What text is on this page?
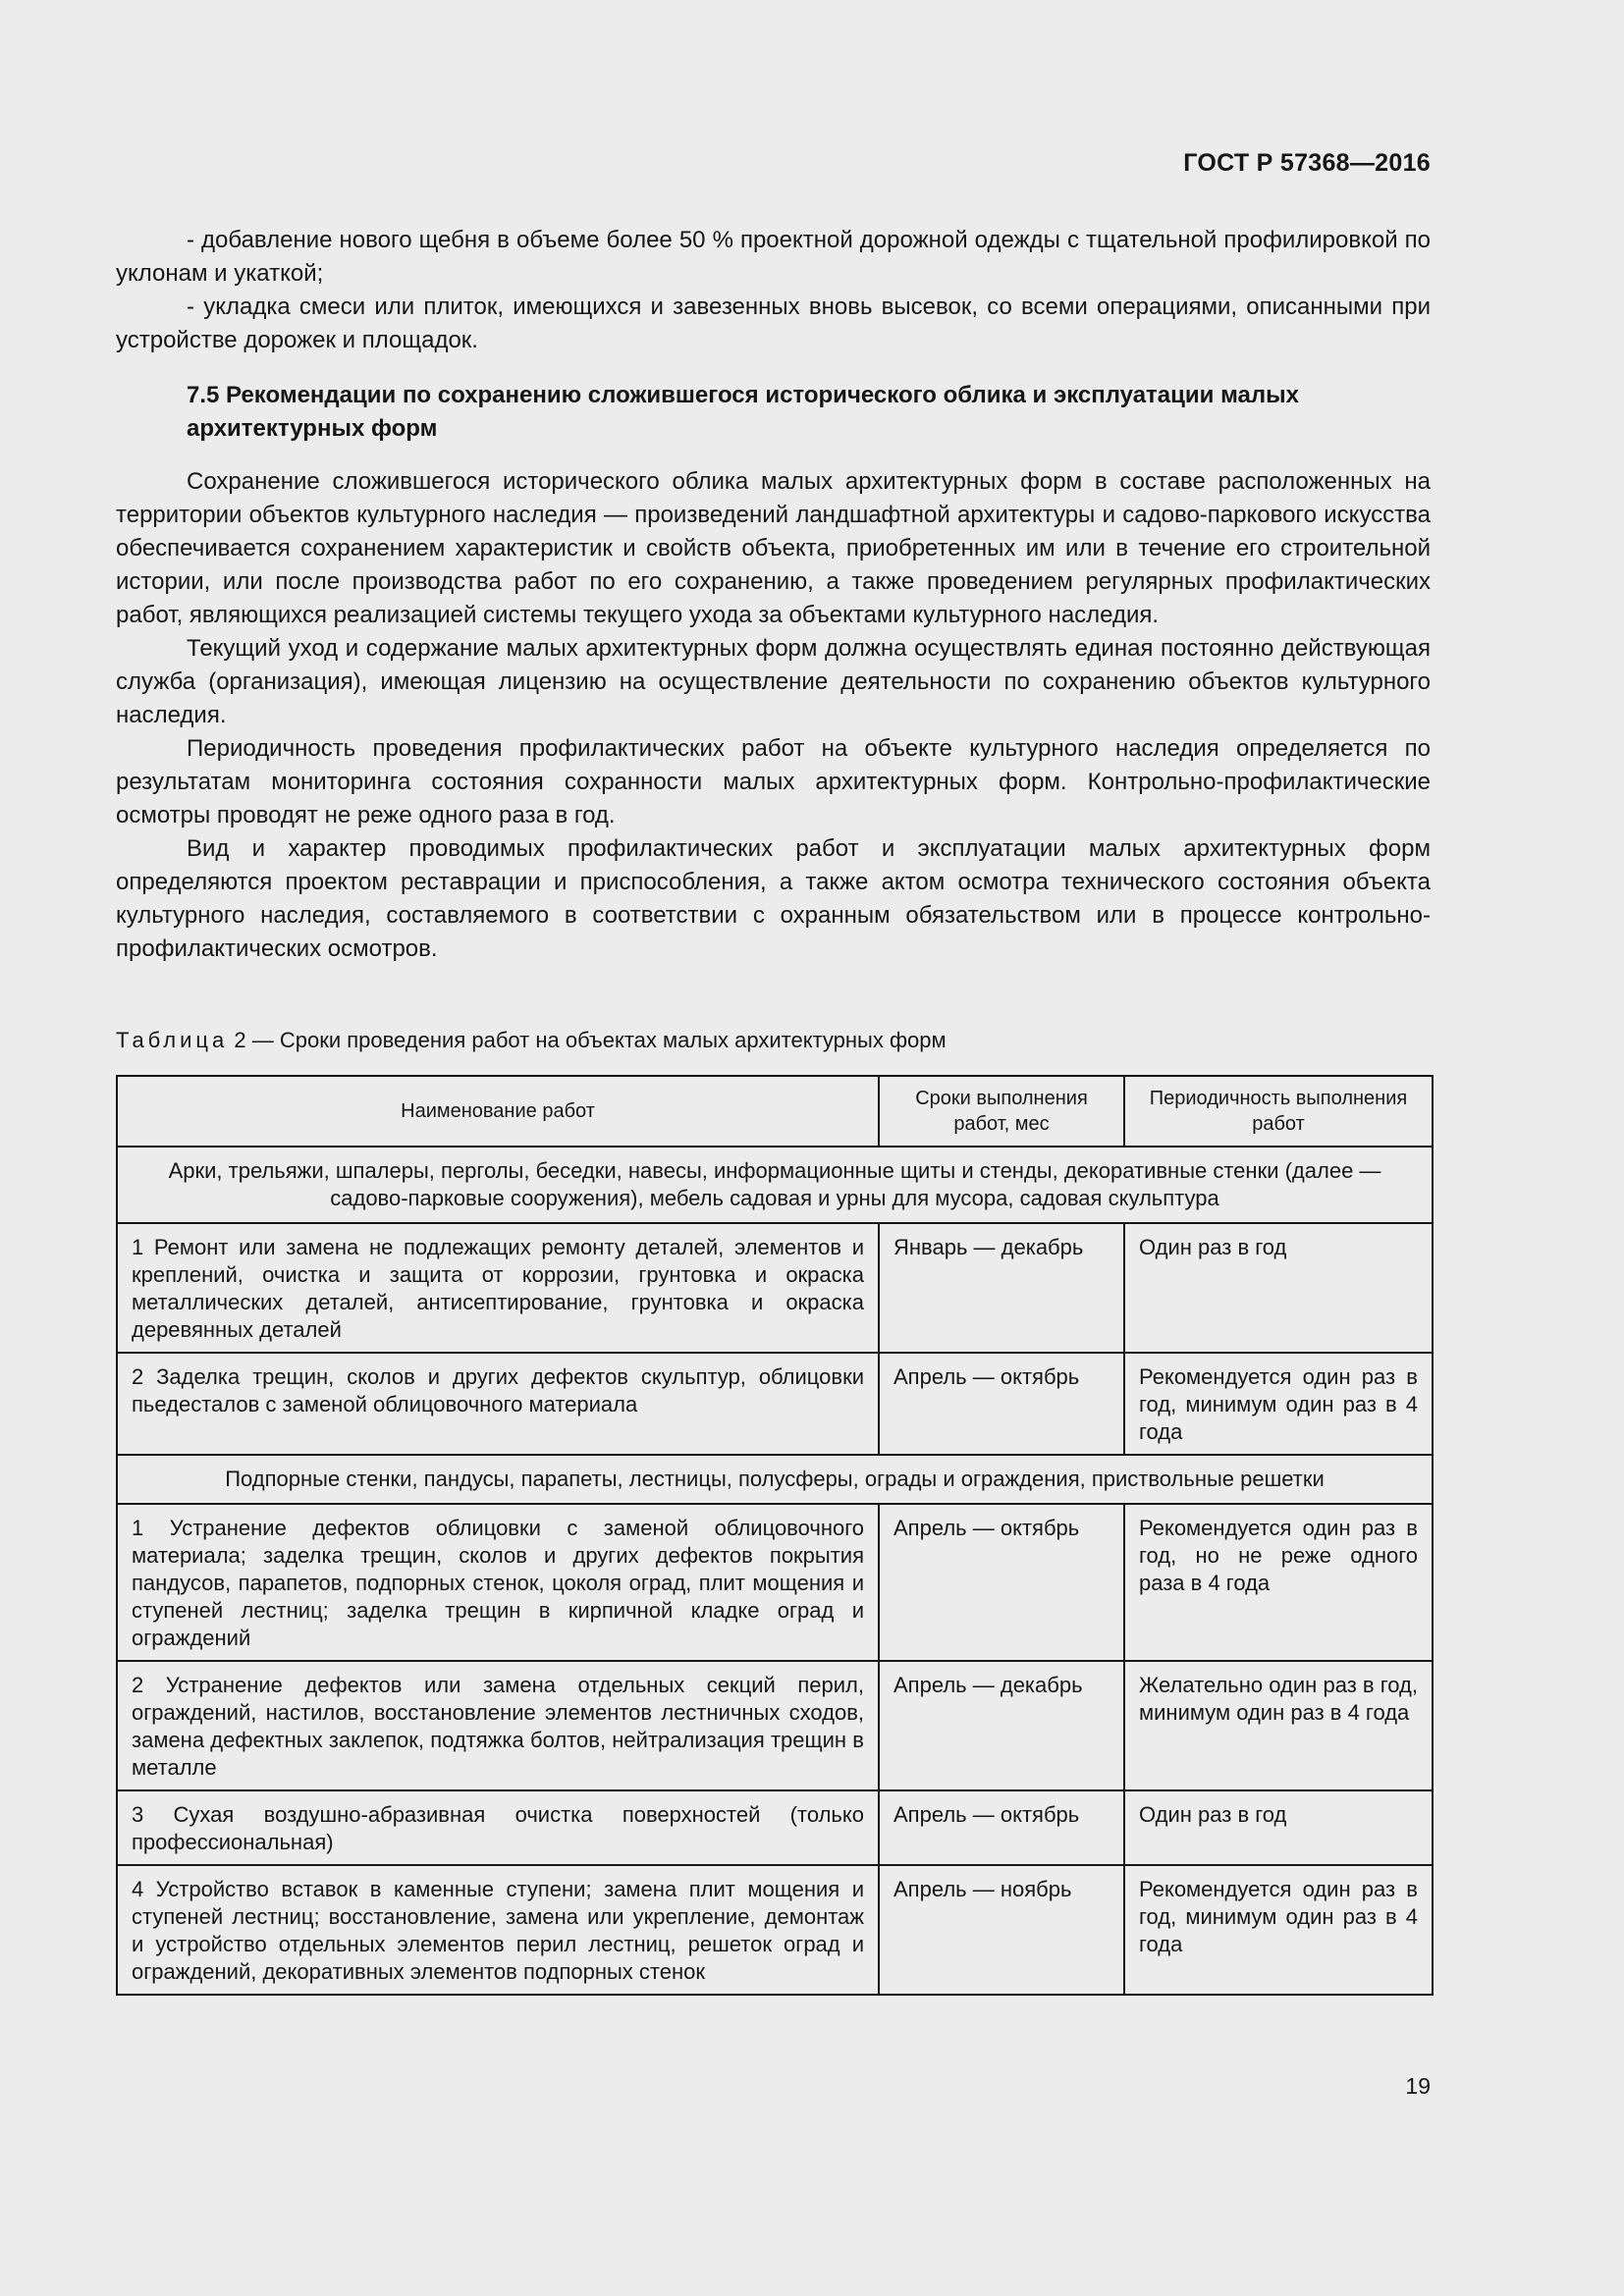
ГОСТ Р 57368—2016

- добавление нового щебня в объеме более 50 % проектной дорожной одежды с тщательной профилировкой по уклонам и укаткой;

- укладка смеси или плиток, имеющихся и завезенных вновь высевок, со всеми операциями, описанными при устройстве дорожек и площадок.

7.5 Рекомендации по сохранению сложившегося исторического облика и эксплуатации малых архитектурных форм

Сохранение сложившегося исторического облика малых архитектурных форм в составе расположенных на территории объектов культурного наследия — произведений ландшафтной архитектуры и садово-паркового искусства обеспечивается сохранением характеристик и свойств объекта, приобретенных им или в течение его строительной истории, или после производства работ по его сохранению, а также проведением регулярных профилактических работ, являющихся реализацией системы текущего ухода за объектами культурного наследия.

Текущий уход и содержание малых архитектурных форм должна осуществлять единая постоянно действующая служба (организация), имеющая лицензию на осуществление деятельности по сохранению объектов культурного наследия.

Периодичность проведения профилактических работ на объекте культурного наследия определяется по результатам мониторинга состояния сохранности малых архитектурных форм. Контрольно-профилактические осмотры проводят не реже одного раза в год.

Вид и характер проводимых профилактических работ и эксплуатации малых архитектурных форм определяются проектом реставрации и приспособления, а также актом осмотра технического состояния объекта культурного наследия, составляемого в соответствии с охранным обязательством или в процессе контрольно-профилактических осмотров.

Таблица 2 — Сроки проведения работ на объектах малых архитектурных форм
Наименование работ	Сроки выполнения работ, мес	Периодичность выполнения работ
Арки, трельяжи, шпалеры, перголы, беседки, навесы, информационные щиты и стенды, декоративные стенки (далее — садово-парковые сооружения), мебель садовая и урны для мусора, садовая скульптура		
1 Ремонт или замена не подлежащих ремонту деталей, элементов и креплений, очистка и защита от коррозии, грунтовка и окраска металлических деталей, антисептирование, грунтовка и окраска деревянных деталей	Январь — декабрь	Один раз в год
2 Заделка трещин, сколов и других дефектов скульптур, облицовки пьедесталов с заменой облицовочного материала	Апрель — октябрь	Рекомендуется один раз в год, минимум один раз в 4 года
Подпорные стенки, пандусы, парапеты, лестницы, полусферы, ограды и ограждения, приствольные решетки		
1 Устранение дефектов облицовки с заменой облицовочного материала; заделка трещин, сколов и других дефектов покрытия пандусов, парапетов, подпорных стенок, цоколя оград, плит мощения и ступеней лестниц; заделка трещин в кирпичной кладке оград и ограждений	Апрель — октябрь	Рекомендуется один раз в год, но не реже одного раза в 4 года
2 Устранение дефектов или замена отдельных секций перил, ограждений, настилов, восстановление элементов лестничных сходов, замена дефектных заклепок, подтяжка болтов, нейтрализация трещин в металле	Апрель — декабрь	Желательно один раз в год, минимум один раз в 4 года
3 Сухая воздушно-абразивная очистка поверхностей (только профессиональная)	Апрель — октябрь	Один раз в год
4 Устройство вставок в каменные ступени; замена плит мощения и ступеней лестниц; восстановление, замена или укрепление, демонтаж и устройство отдельных элементов перил лестниц, решеток оград и ограждений, декоративных элементов подпорных стенок	Апрель — ноябрь	Рекомендуется один раз в год, минимум один раз в 4 года
19
